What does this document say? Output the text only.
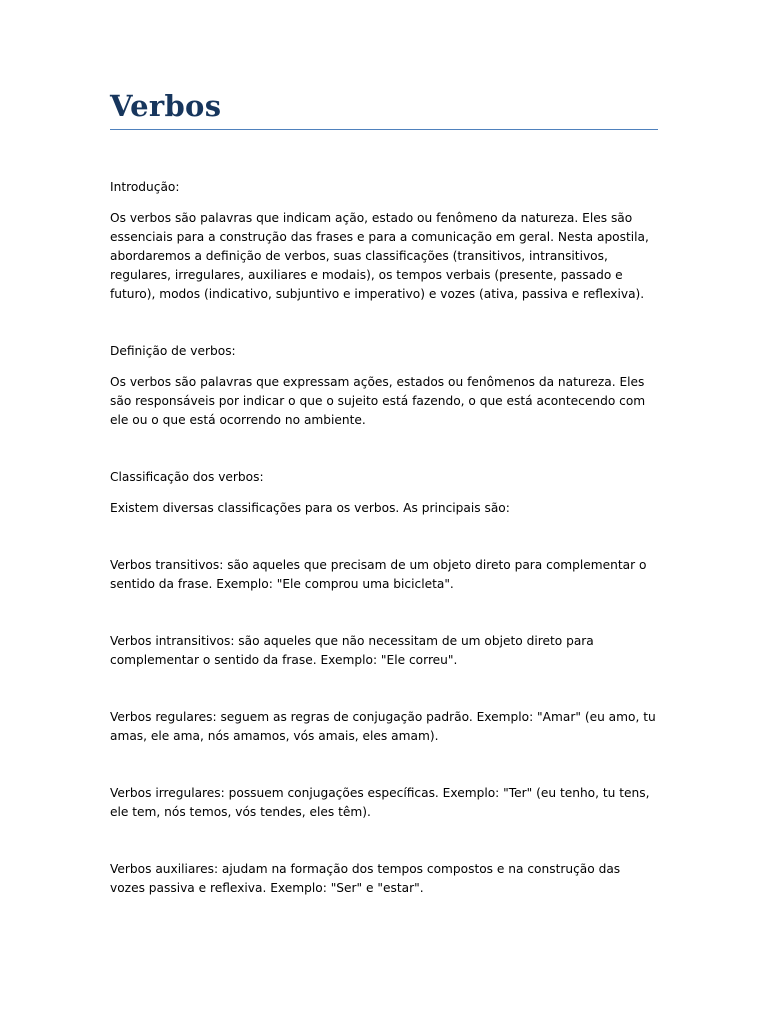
Verbos

Introdução:

Os verbos são palavras que indicam ação, estado ou fenômeno da natureza. Eles são essenciais para a construção das frases e para a comunicação em geral. Nesta apostila, abordaremos a definição de verbos, suas classificações (transitivos, intransitivos, regulares, irregulares, auxiliares e modais), os tempos verbais (presente, passado e futuro), modos (indicativo, subjuntivo e imperativo) e vozes (ativa, passiva e reflexiva).

Definição de verbos:

Os verbos são palavras que expressam ações, estados ou fenômenos da natureza. Eles são responsáveis por indicar o que o sujeito está fazendo, o que está acontecendo com ele ou o que está ocorrendo no ambiente.

Classificação dos verbos:

Existem diversas classificações para os verbos. As principais são:

Verbos transitivos: são aqueles que precisam de um objeto direto para complementar o sentido da frase. Exemplo: "Ele comprou uma bicicleta".

Verbos intransitivos: são aqueles que não necessitam de um objeto direto para complementar o sentido da frase. Exemplo: "Ele correu".

Verbos regulares: seguem as regras de conjugação padrão. Exemplo: "Amar" (eu amo, tu amas, ele ama, nós amamos, vós amais, eles amam).

Verbos irregulares: possuem conjugações específicas. Exemplo: "Ter" (eu tenho, tu tens, ele tem, nós temos, vós tendes, eles têm).

Verbos auxiliares: ajudam na formação dos tempos compostos e na construção das vozes passiva e reflexiva. Exemplo: "Ser" e "estar".
